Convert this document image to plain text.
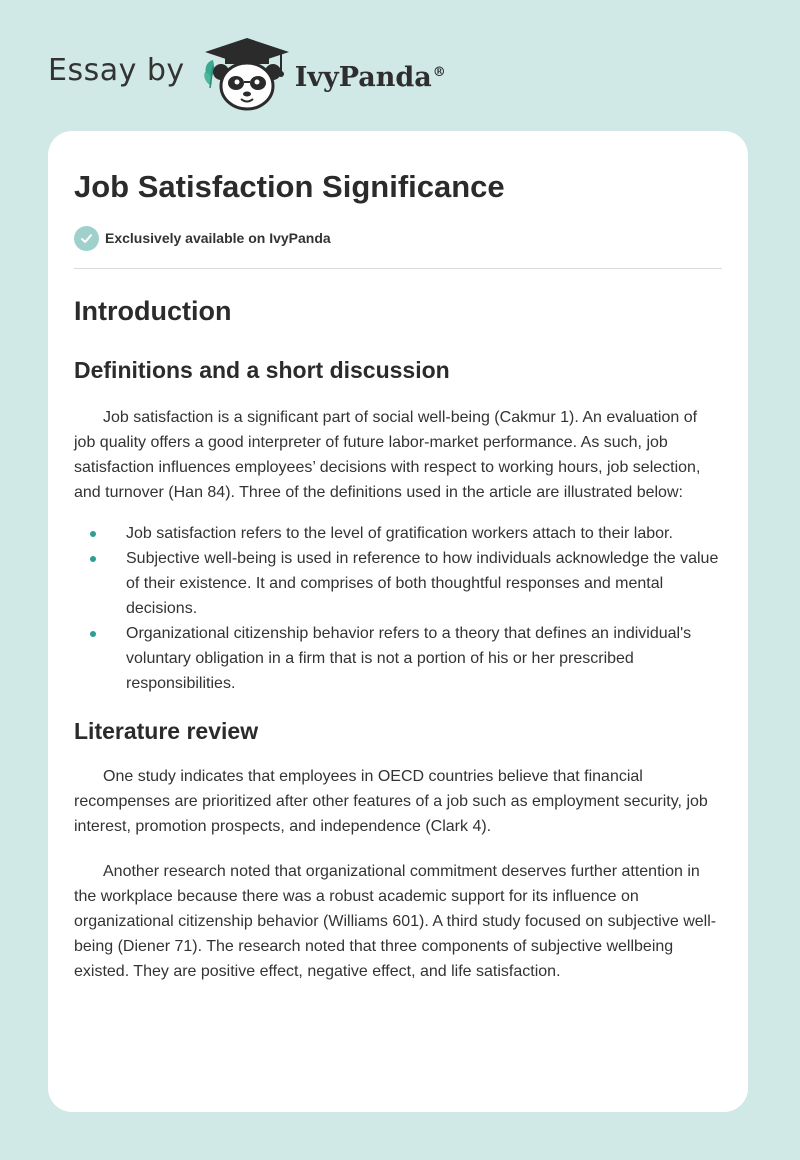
Essay by	IvyPanda®
Job Satisfaction Significance
Exclusively available on IvyPanda
Introduction
Definitions and a short discussion

Job satisfaction is a significant part of social well-being (Cakmur 1). An evaluation of job quality offers a good interpreter of future labor-market performance. As such, job satisfaction influences employees’ decisions with respect to working hours, job selection, and turnover (Han 84). Three of the definitions used in the article are illustrated below:

Job satisfaction refers to the level of gratification workers attach to their labor.
Subjective well-being is used in reference to how individuals acknowledge the value of their existence. It and comprises of both thoughtful responses and mental decisions.
Organizational citizenship behavior refers to a theory that defines an individual's voluntary obligation in a firm that is not a portion of his or her prescribed responsibilities.
Literature review

One study indicates that employees in OECD countries believe that financial recompenses are prioritized after other features of a job such as employment security, job interest, promotion prospects, and independence (Clark 4).

Another research noted that organizational commitment deserves further attention in the workplace because there was a robust academic support for its influence on organizational citizenship behavior (Williams 601). A third study focused on subjective well-being (Diener 71). The research noted that three components of subjective wellbeing existed. They are positive effect, negative effect, and life satisfaction.
